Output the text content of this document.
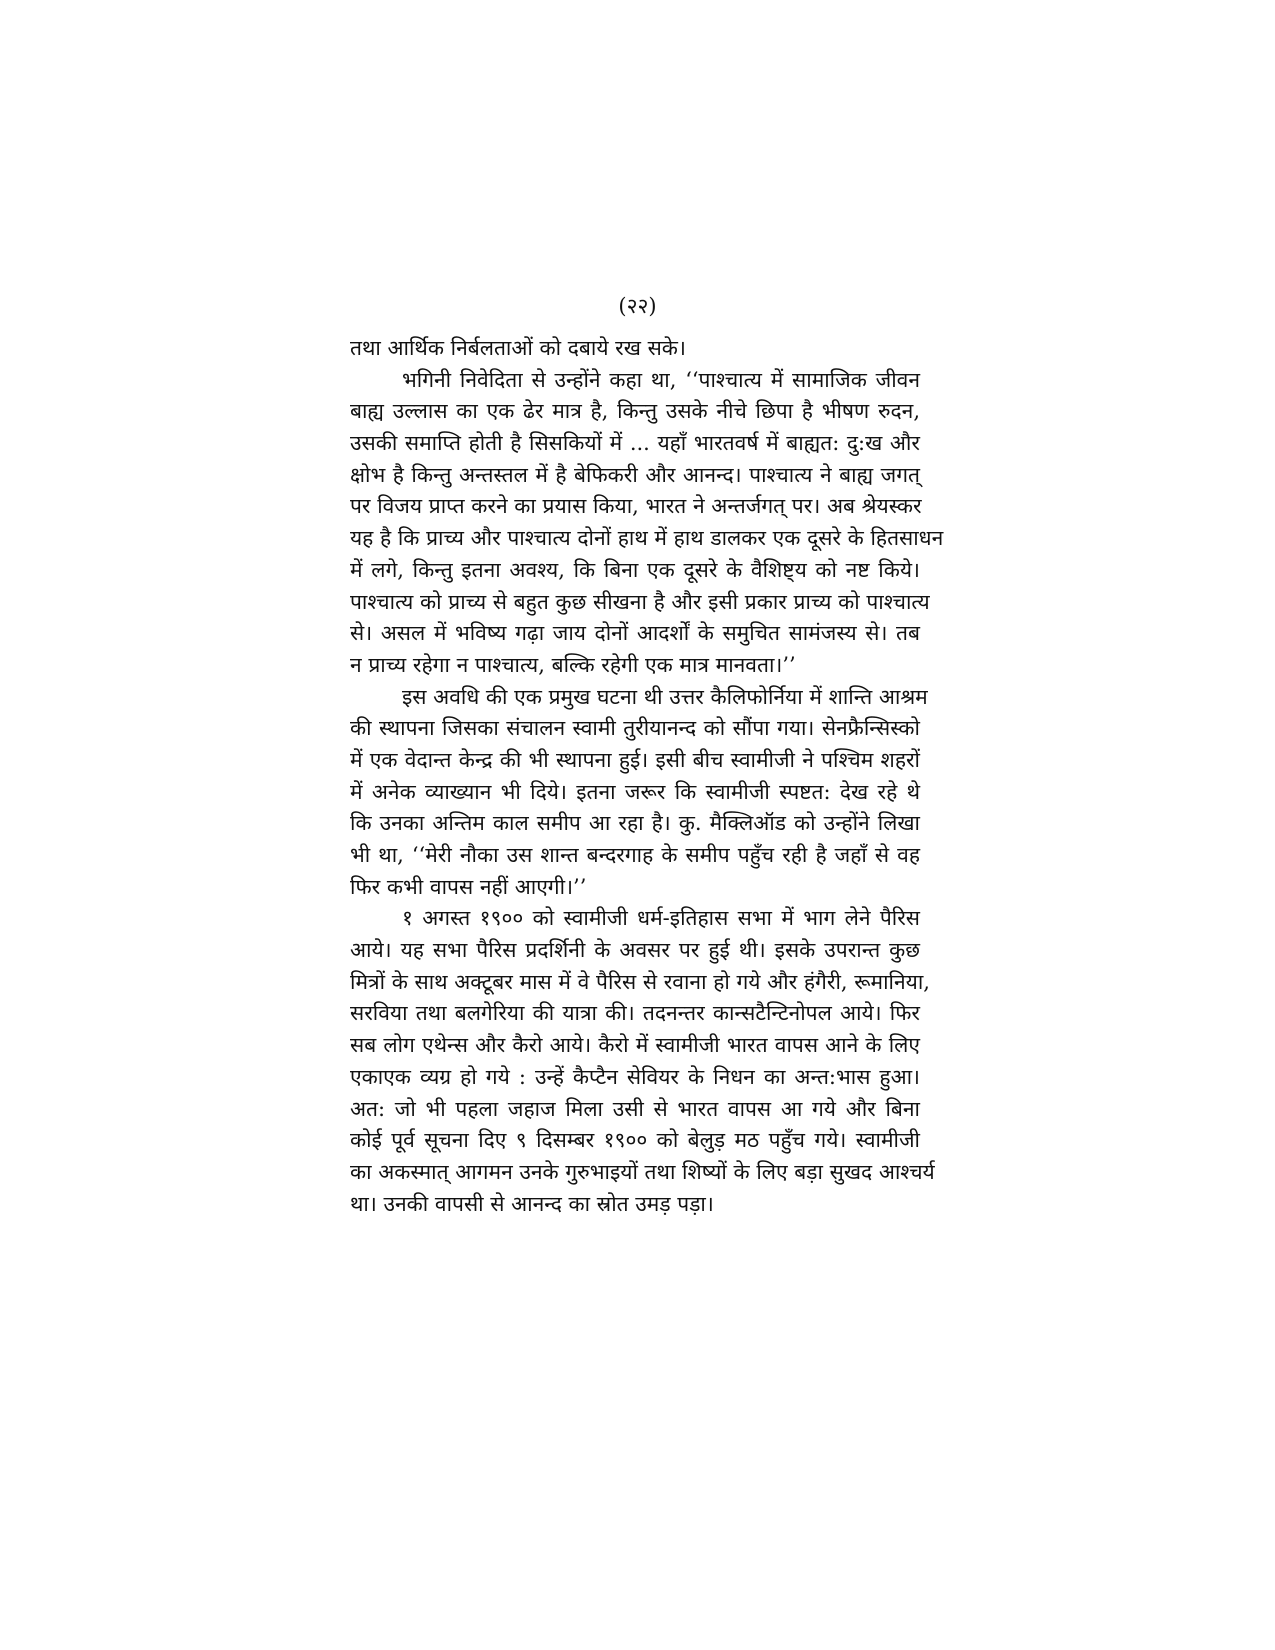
(२२)
तथा आर्थिक निर्बलताओं को दबाये रख सके।
भगिनी निवेदिता से उन्होंने कहा था, ‘‘पाश्चात्य में सामाजिक जीवन
बाह्य उल्लास का एक ढेर मात्र है, किन्तु उसके नीचे छिपा है भीषण रुदन,
उसकी समाप्ति होती है सिसकियों में ... यहाँ भारतवर्ष में बाह्यत: दु:ख और
क्षोभ है किन्तु अन्तस्तल में है बेफिकरी और आनन्द। पाश्चात्य ने बाह्य जगत्
पर विजय प्राप्त करने का प्रयास किया, भारत ने अन्तर्जगत् पर। अब श्रेयस्कर
यह है कि प्राच्य और पाश्चात्य दोनों हाथ में हाथ डालकर एक दूसरे के हितसाधन
में लगे, किन्तु इतना अवश्य, कि बिना एक दूसरे के वैशिष्ट्य को नष्ट किये।
पाश्चात्य को प्राच्य से बहुत कुछ सीखना है और इसी प्रकार प्राच्य को पाश्चात्य
से। असल में भविष्य गढ़ा जाय दोनों आदर्शों के समुचित सामंजस्य से। तब
न प्राच्य रहेगा न पाश्चात्य, बल्कि रहेगी एक मात्र मानवता।’’
इस अवधि की एक प्रमुख घटना थी उत्तर कैलिफोर्निया में शान्ति आश्रम
की स्थापना जिसका संचालन स्वामी तुरीयानन्द को सौंपा गया। सेनफ्रैन्सिस्को
में एक वेदान्त केन्द्र की भी स्थापना हुई। इसी बीच स्वामीजी ने पश्चिम शहरों
में अनेक व्याख्यान भी दिये। इतना जरूर कि स्वामीजी स्पष्टत: देख रहे थे
कि उनका अन्तिम काल समीप आ रहा है। कु. मैक्लिऑड को उन्होंने लिखा
भी था, ‘‘मेरी नौका उस शान्त बन्दरगाह के समीप पहुँच रही है जहाँ से वह
फिर कभी वापस नहीं आएगी।’’
१ अगस्त १९०० को स्वामीजी धर्म-इतिहास सभा में भाग लेने पैरिस
आये। यह सभा पैरिस प्रदर्शिनी के अवसर पर हुई थी। इसके उपरान्त कुछ
मित्रों के साथ अक्टूबर मास में वे पैरिस से रवाना हो गये और हंगैरी, रूमानिया,
सरविया तथा बलगेरिया की यात्रा की। तदनन्तर कान्सटैन्टिनोपल आये। फिर
सब लोग एथेन्स और कैरो आये। कैरो में स्वामीजी भारत वापस आने के लिए
एकाएक व्यग्र हो गये : उन्हें कैप्टैन सेवियर के निधन का अन्त:भास हुआ।
अत: जो भी पहला जहाज मिला उसी से भारत वापस आ गये और बिना
कोई पूर्व सूचना दिए ९ दिसम्बर १९०० को बेलुड़ मठ पहुँच गये। स्वामीजी
का अकस्मात् आगमन उनके गुरुभाइयों तथा शिष्यों के लिए बड़ा सुखद आश्चर्य
था। उनकी वापसी से आनन्द का स्रोत उमड़ पड़ा।
